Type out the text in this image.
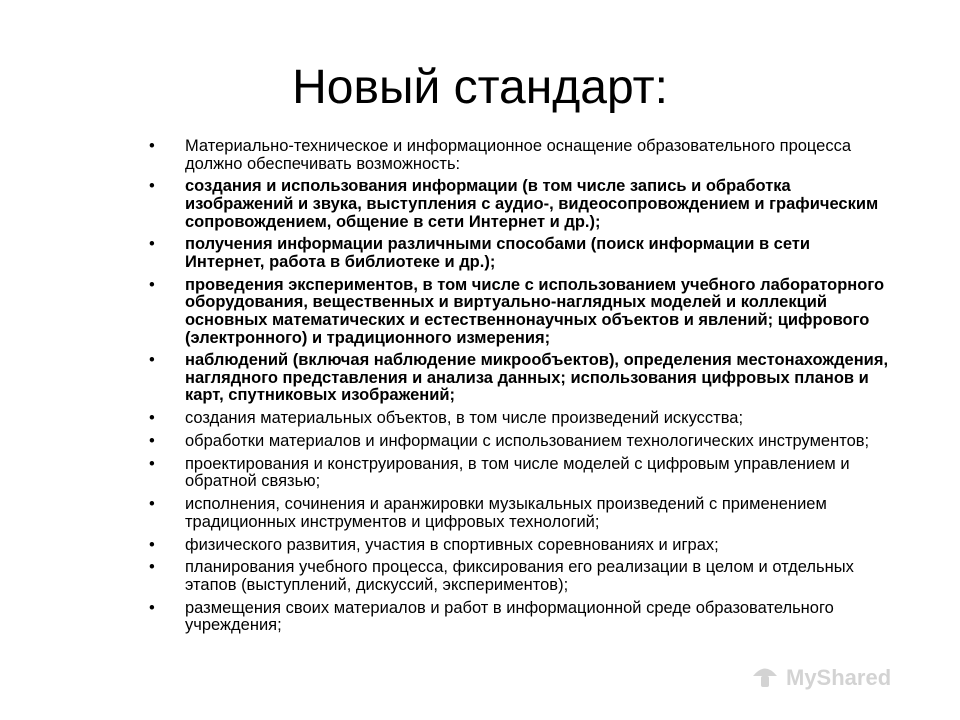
Новый стандарт:
• Материально-техническое и информационное оснащение образовательного процесса должно обеспечивать возможность:
• создания и использования информации (в том числе запись и обработка изображений и звука, выступления с аудио-, видеосопровождением и графическим сопровождением, общение в сети Интернет и др.);
• получения информации различными способами (поиск информации в сети Интернет, работа в библиотеке и др.);
• проведения экспериментов, в том числе с использованием учебного лабораторного оборудования, вещественных и виртуально-наглядных моделей и коллекций основных математических и естественнонаучных объектов и явлений; цифрового (электронного) и традиционного измерения;
• наблюдений (включая наблюдение микрообъектов), определения местонахождения, наглядного представления и анализа данных; использования цифровых планов и карт, спутниковых изображений;
• создания материальных объектов, в том числе произведений искусства;
• обработки материалов и информации с использованием технологических инструментов;
• проектирования и конструирования, в том числе моделей с цифровым управлением и обратной связью;
• исполнения, сочинения и аранжировки музыкальных произведений с применением традиционных инструментов и цифровых технологий;
• физического развития, участия в спортивных соревнованиях и играх;
• планирования учебного процесса, фиксирования его реализации в целом и отдельных этапов (выступлений, дискуссий, экспериментов);
• размещения своих материалов и работ в информационной среде образовательного учреждения;
MyShared
